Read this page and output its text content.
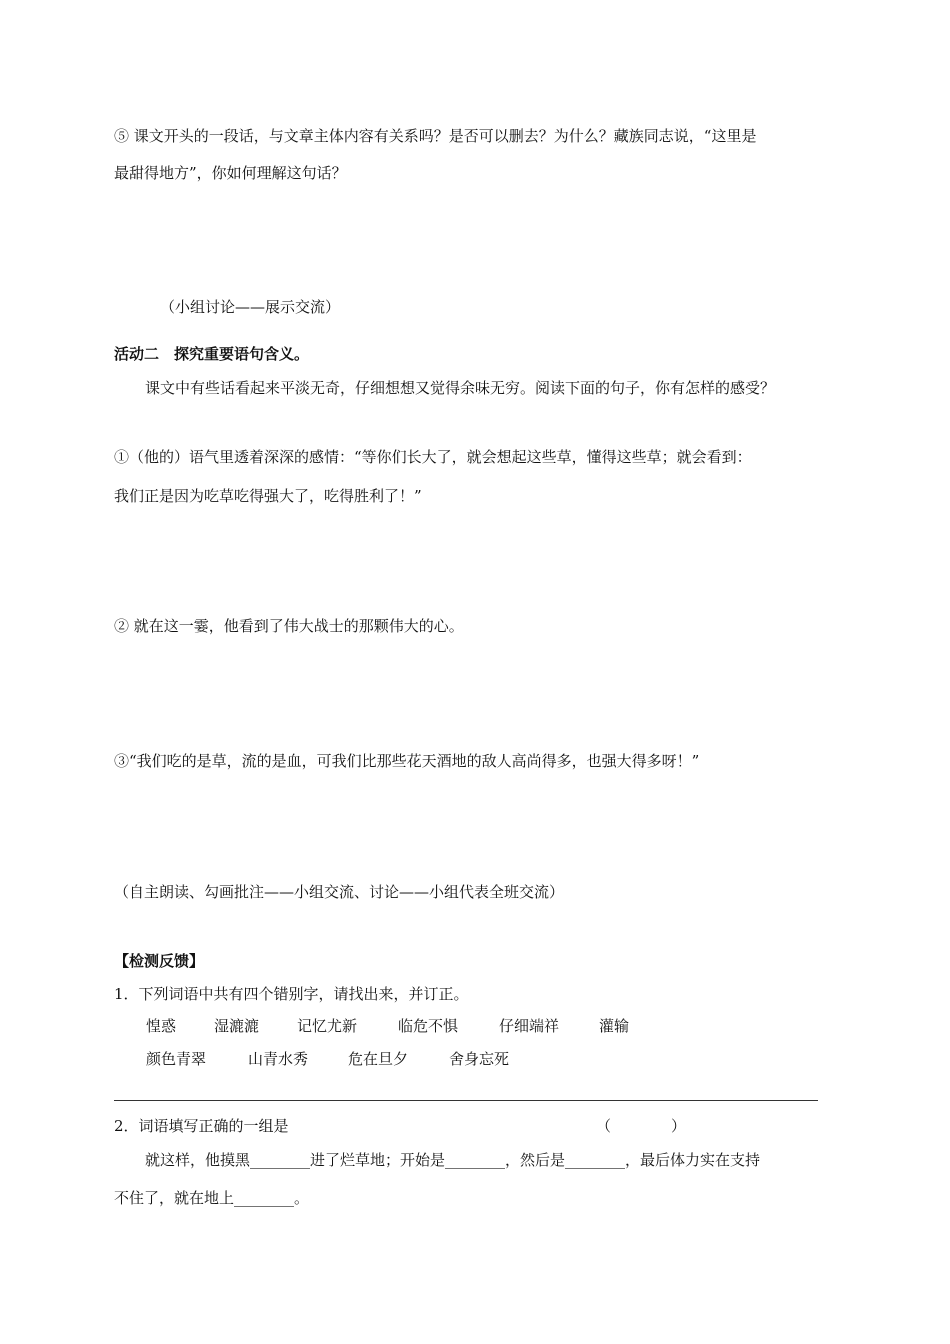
⑤ 课文开头的一段话，与文章主体内容有关系吗？是否可以删去？为什么？藏族同志说，“这里是
最甜得地方”，你如何理解这句话？
（小组讨论——展示交流）
活动二　探究重要语句含义。
课文中有些话看起来平淡无奇，仔细想想又觉得余味无穷。阅读下面的句子，你有怎样的感受？
①（他的）语气里透着深深的感情：“等你们长大了，就会想起这些草，懂得这些草；就会看到：
我们正是因为吃草吃得强大了，吃得胜利了！”
② 就在这一霎，他看到了伟大战士的那颗伟大的心。
③“我们吃的是草，流的是血，可我们比那些花天酒地的敌人高尚得多，也强大得多呀！”
（自主朗读、勾画批注——小组交流、讨论——小组代表全班交流）
【检测反馈】
1．下列词语中共有四个错别字，请找出来，并订正。
惶惑	湿漉漉	记忆尤新	临危不惧	仔细端祥	灌输
颜色青翠	山青水秀	危在旦夕	舍身忘死
2．词语填写正确的一组是	（　　　　）
就这样，他摸黑________进了烂草地；开始是________，然后是________，最后体力实在支持
不住了，就在地上________。
